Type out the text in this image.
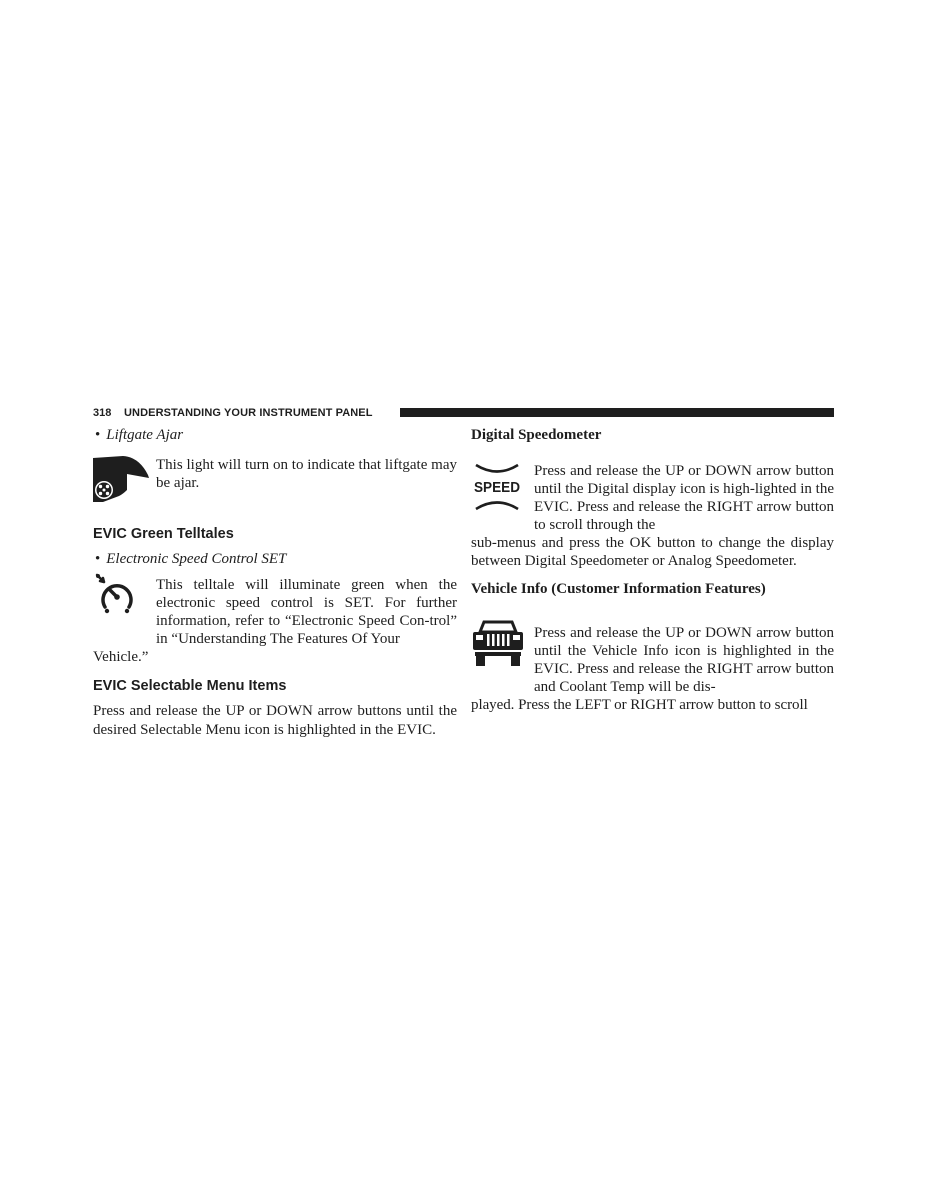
318 UNDERSTANDING YOUR INSTRUMENT PANEL

• Liftgate Ajar

This light will turn on to indicate that liftgate may be ajar.

EVIC Green Telltales

• Electronic Speed Control SET

This telltale will illuminate green when the electronic speed control is SET. For further information, refer to “Electronic Speed Con-trol” in “Understanding The Features Of Your

Vehicle.”

EVIC Selectable Menu Items

Press and release the UP or DOWN arrow buttons until the desired Selectable Menu icon is highlighted in the EVIC.

Digital Speedometer
SPEED

Press and release the UP or DOWN arrow button until the Digital display icon is high-lighted in the EVIC. Press and release the RIGHT arrow button to scroll through the

sub-menus and press the OK button to change the display between Digital Speedometer or Analog Speedometer.

Vehicle Info (Customer Information Features)

Press and release the UP or DOWN arrow button until the Vehicle Info icon is highlighted in the EVIC. Press and release the RIGHT arrow button and Coolant Temp will be dis-

played. Press the LEFT or RIGHT arrow button to scroll
